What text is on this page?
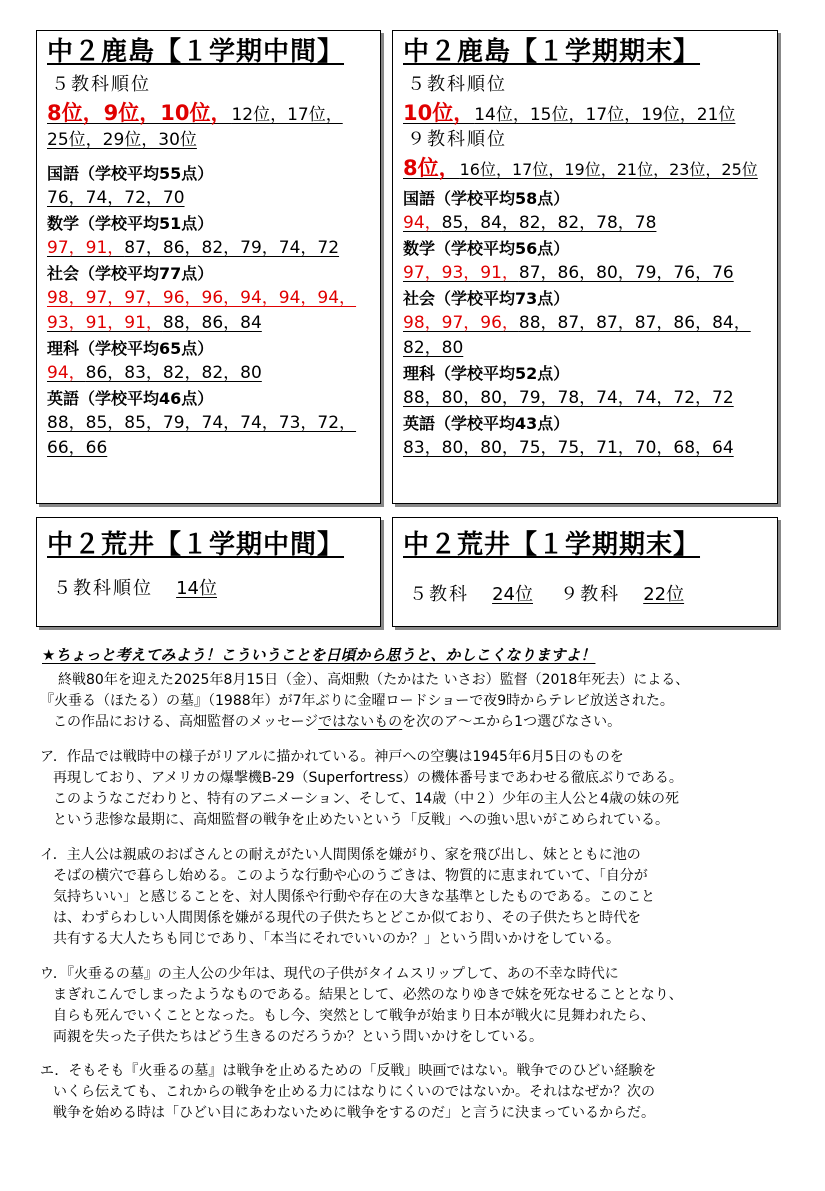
中２鹿島【１学期中間】
５教科順位
8位，9位，10位，12位，17位，
25位，29位，30位
国語（学校平均55点）
76，74，72，70
数学（学校平均51点）
97，91，87，86，82，79，74，72
社会（学校平均77点）
98，97，97，96，96，94，94，94，
93，91，91，88，86，84
理科（学校平均65点）
94，86，83，82，82，80
英語（学校平均46点）
88，85，85，79，74，74，73，72，
66，66
中２鹿島【１学期期末】
５教科順位
10位，14位，15位，17位，19位，21位
９教科順位
8位，16位，17位，19位，21位，23位，25位
国語（学校平均58点）
94，85，84，82，82，78，78
数学（学校平均56点）
97，93，91，87，86，80，79，76，76
社会（学校平均73点）
98，97，96，88，87，87，87，86，84，
82，80
理科（学校平均52点）
88，80，80，79，78，74，74，72，72
英語（学校平均43点）
83，80，80，75，75，71，70，68，64
中２荒井【１学期中間】
５教科順位 14位
中２荒井【１学期期末】
５教科 24位 ９教科 22位
★ちょっと考えてみよう！こういうことを日頃から思うと、かしこくなりますよ！

終戦80年を迎えた2025年8月15日（金）、高畑勲（たかはた いさお）監督（2018年死去）による、

『火垂る（ほたる）の墓』（1988年）が7年ぶりに金曜ロードショーで夜9時からテレビ放送された。

この作品における、高畑監督のメッセージではないものを次のア～エから1つ選びなさい。

ア．作品では戦時中の様子がリアルに描かれている。神戸への空襲は1945年6月5日のものを

再現しており、アメリカの爆撃機B-29（Superfortress）の機体番号まであわせる徹底ぶりである。

このようなこだわりと、特有のアニメーション、そして、14歳（中２）少年の主人公と4歳の妹の死

という悲惨な最期に、高畑監督の戦争を止めたいという「反戦」への強い思いがこめられている。

イ．主人公は親戚のおばさんとの耐えがたい人間関係を嫌がり、家を飛び出し、妹とともに池の

そばの横穴で暮らし始める。このような行動や心のうごきは、物質的に恵まれていて、「自分が

気持ちいい」と感じることを、対人関係や行動や存在の大きな基準としたものである。このこと

は、わずらわしい人間関係を嫌がる現代の子供たちとどこか似ており、その子供たちと時代を

共有する大人たちも同じであり、「本当にそれでいいのか？」という問いかけをしている。

ウ．『火垂るの墓』の主人公の少年は、現代の子供がタイムスリップして、あの不幸な時代に

まぎれこんでしまったようなものである。結果として、必然のなりゆきで妹を死なせることとなり、

自らも死んでいくこととなった。もし今、突然として戦争が始まり日本が戦火に見舞われたら、

両親を失った子供たちはどう生きるのだろうか？という問いかけをしている。

エ．そもそも『火垂るの墓』は戦争を止めるための「反戦」映画ではない。戦争でのひどい経験を

いくら伝えても、これからの戦争を止める力にはなりにくいのではないか。それはなぜか？次の

戦争を始める時は「ひどい目にあわないために戦争をするのだ」と言うに決まっているからだ。
